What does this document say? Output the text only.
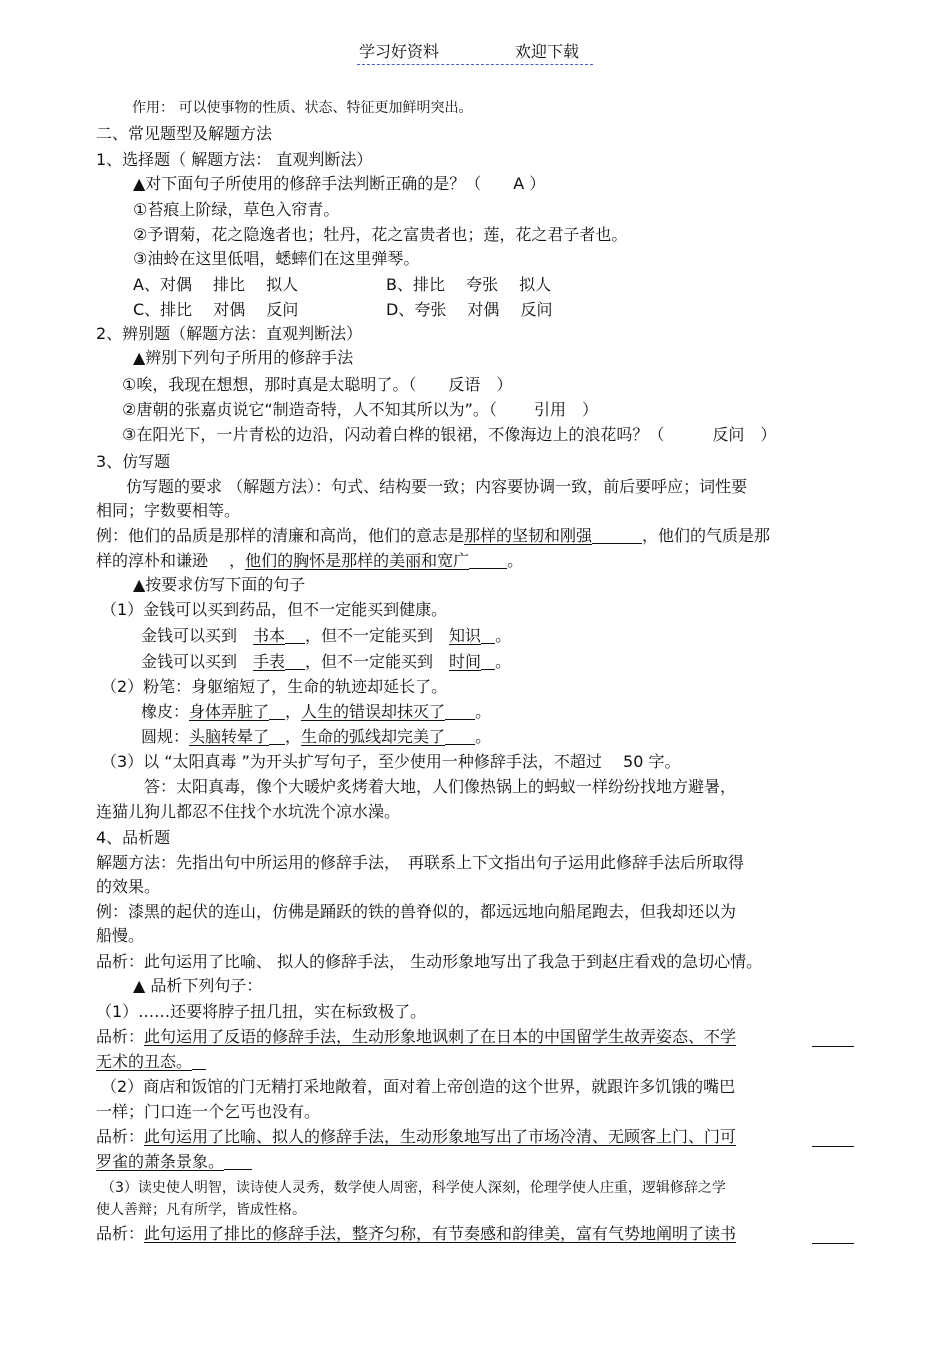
学习好资料	欢迎下载
作用： 可以使事物的性质、状态、特征更加鲜明突出。
二、常见题型及解题方法
1、选择题（ 解题方法： 直观判断法）
▲对下面句子所使用的修辞手法判断正确的是？（　　A ）
①苔痕上阶绿，草色入帘青。
②予谓菊，花之隐逸者也；牡丹，花之富贵者也；莲，花之君子者也。
③油蛉在这里低唱，蟋蟀们在这里弹琴。
A、对偶　 排比　 拟人	B、排比　 夸张　 拟人
C、排比　 对偶　 反问	D、夸张　 对偶　 反问
2、辨别题（解题方法：直观判断法）
▲辨别下列句子所用的修辞手法
①唉，我现在想想，那时真是太聪明了。（　　反语　）
②唐朝的张嘉贞说它“制造奇特，人不知其所以为”。（　　 引用　）
③在阳光下，一片青松的边沿，闪动着白桦的银裙，不像海边上的浪花吗？（　　　反问　）
3、仿写题
仿写题的要求 （解题方法）：句式、结构要一致；内容要协调一致，前后要呼应；词性要
相同；字数要相等。
例：他们的品质是那样的清廉和高尚，他们的意志是那样的坚韧和刚强	，他们的气质是那
样的淳朴和谦逊　 ，他们的胸怀是那样的美丽和宽广 。
▲按要求仿写下面的句子
（1）金钱可以买到药品，但不一定能买到健康。
金钱可以买到　书本 ，但不一定能买到　知识 。
金钱可以买到　手表 ，但不一定能买到　时间 。
（2）粉笔：身躯缩短了，生命的轨迹却延长了。
橡皮：身体弄脏了 ，人生的错误却抹灭了 。
圆规：头脑转晕了 ，生命的弧线却完美了 。
（3）以 “太阳真毒 ”为开头扩写句子，至少使用一种修辞手法，不超过　 50 字。
答：太阳真毒，像个大暖炉炙烤着大地，人们像热锅上的蚂蚁一样纷纷找地方避暑，
连猫儿狗儿都忍不住找个水坑洗个凉水澡。
4、品析题
解题方法：先指出句中所运用的修辞手法，　再联系上下文指出句子运用此修辞手法后所取得
的效果。
例：漆黑的起伏的连山，仿佛是踊跃的铁的兽脊似的，都远远地向船尾跑去，但我却还以为
船慢。
品析：此句运用了比喻、 拟人的修辞手法， 生动形象地写出了我急于到赵庄看戏的急切心情。
▲ 品析下列句子：
（1）……还要将脖子扭几扭，实在标致极了。
品析：此句运用了反语的修辞手法，生动形象地讽刺了在日本的中国留学生故弄姿态、不学
无术的丑态。
（2）商店和饭馆的门无精打采地敞着，面对着上帝创造的这个世界，就跟许多饥饿的嘴巴
一样；门口连一个乞丐也没有。
品析：此句运用了比喻、拟人的修辞手法，生动形象地写出了市场冷清、无顾客上门、门可
罗雀的萧条景象。
（3）读史使人明智，读诗使人灵秀，数学使人周密，科学使人深刻，伦理学使人庄重，逻辑修辞之学
使人善辩；凡有所学，皆成性格。
品析：此句运用了排比的修辞手法，整齐匀称，有节奏感和韵律美，富有气势地阐明了读书
